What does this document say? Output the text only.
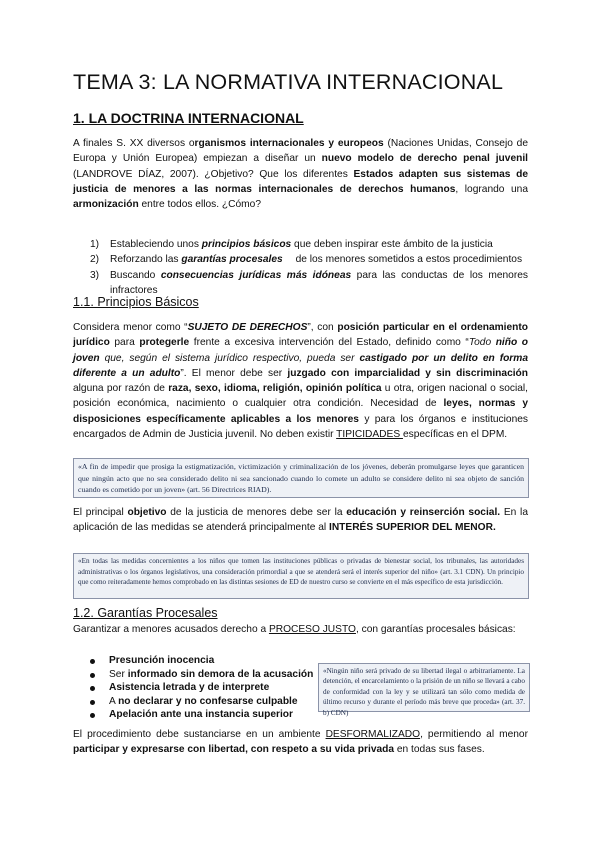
TEMA 3: LA NORMATIVA INTERNACIONAL
1. LA DOCTRINA INTERNACIONAL
A finales S. XX diversos organismos internacionales y europeos (Naciones Unidas, Consejo de Europa y Unión Europea) empiezan a diseñar un nuevo modelo de derecho penal juvenil (LANDROVE DÍAZ, 2007). ¿Objetivo? Que los diferentes Estados adapten sus sistemas de justicia de menores a las normas internacionales de derechos humanos, logrando una armonización entre todos ellos. ¿Cómo?
1) Estableciendo unos principios básicos que deben inspirar este ámbito de la justicia
2) Reforzando las garantías procesales de los menores sometidos a estos procedimientos
3) Buscando consecuencias jurídicas más idóneas para las conductas de los menores infractores
1.1. Principios Básicos
Considera menor como “SUJETO DE DERECHOS”, con posición particular en el ordenamiento jurídico para protegerle frente a excesiva intervención del Estado, definido como “Todo niño o joven que, según el sistema jurídico respectivo, pueda ser castigado por un delito en forma diferente a un adulto”. El menor debe ser juzgado con imparcialidad y sin discriminación alguna por razón de raza, sexo, idioma, religión, opinión política u otra, origen nacional o social, posición económica, nacimiento o cualquier otra condición. Necesidad de leyes, normas y disposiciones específicamente aplicables a los menores y para los órganos e instituciones encargados de Admin de Justicia juvenil. No deben existir TIPICIDADES específicas en el DPM.
«A fin de impedir que prosiga la estigmatización, victimización y criminalización de los jóvenes, deberán promulgarse leyes que garanticen que ningún acto que no sea considerado delito ni sea sancionado cuando lo comete un adulto se considere delito ni sea objeto de sanción cuando es cometido por un joven» (art. 56 Directrices RIAD).
El principal objetivo de la justicia de menores debe ser la educación y reinserción social. En la aplicación de las medidas se atenderá principalmente al INTERÉS SUPERIOR DEL MENOR.
«En todas las medidas concernientes a los niños que tomen las instituciones públicas o privadas de bienestar social, los tribunales, las autoridades administrativas o los órganos legislativos, una consideración primordial a que se atenderá será el interés superior del niño» (art. 3.1 CDN). Un principio que como reiteradamente hemos comprobado en las distintas sesiones de ED de nuestro curso se convierte en el más específico de esta jurisdicción.
1.2. Garantías Procesales
Garantizar a menores acusados derecho a PROCESO JUSTO, con garantías procesales básicas:
Presunción inocencia
Ser informado sin demora de la acusación
Asistencia letrada y de interprete
A no declarar y no confesarse culpable
Apelación ante una instancia superior
«Ningún niño será privado de su libertad ilegal o arbitrariamente. La detención, el encarcelamiento o la prisión de un niño se llevará a cabo de conformidad con la ley y se utilizará tan sólo como medida de último recurso y durante el período más breve que proceda» (art. 37. b) CDN)
El procedimiento debe sustanciarse en un ambiente DESFORMALIZADO, permitiendo al menor participar y expresarse con libertad, con respeto a su vida privada en todas sus fases.
